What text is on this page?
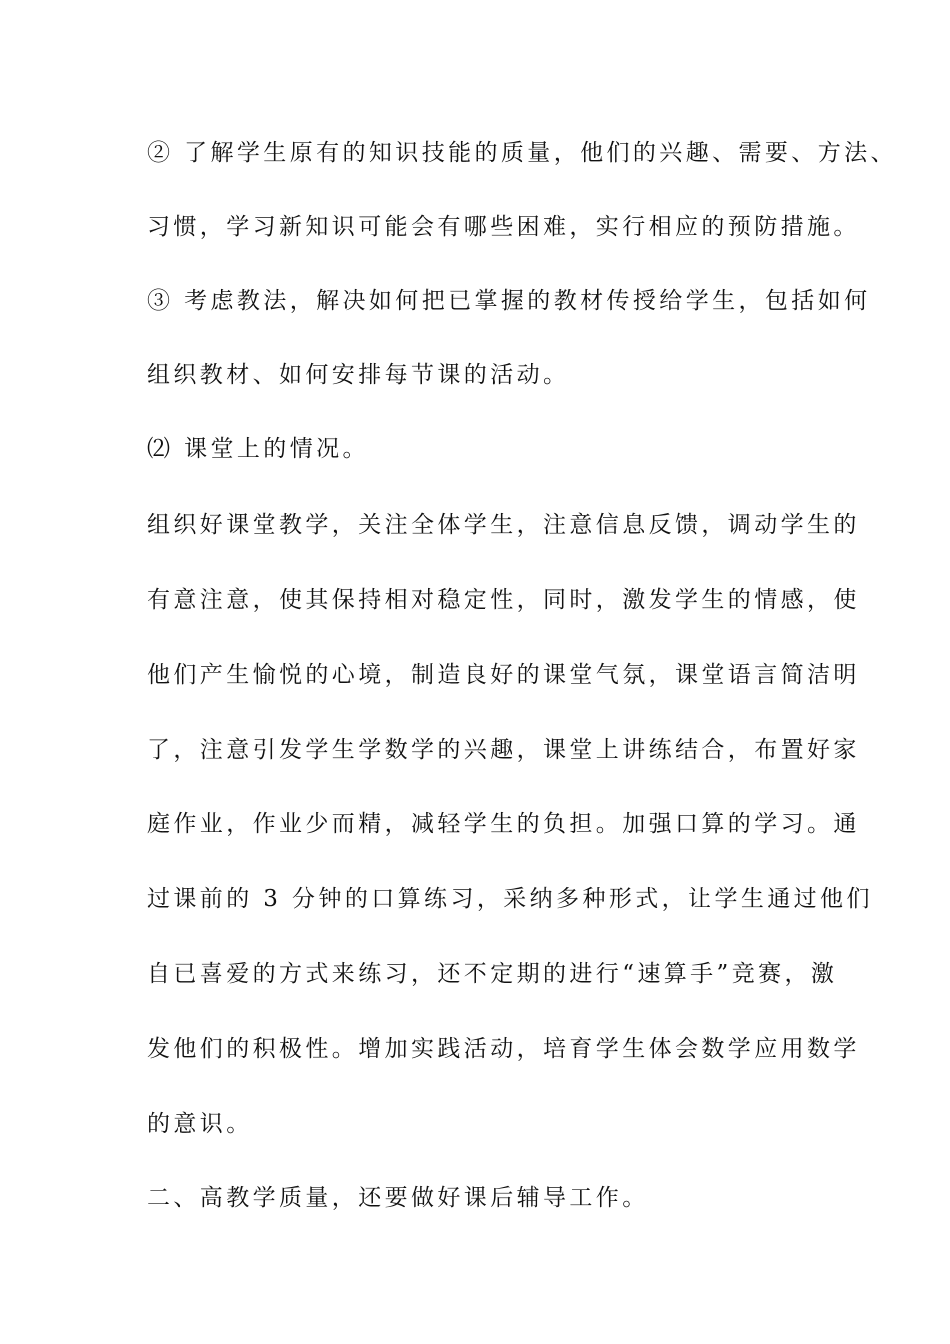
② 了解学生原有的知识技能的质量，他们的兴趣、需要、方法、
习惯，学习新知识可能会有哪些困难，实行相应的预防措施。
③ 考虑教法，解决如何把已掌握的教材传授给学生，包括如何
组织教材、如何安排每节课的活动。
⑵ 课堂上的情况。
组织好课堂教学，关注全体学生，注意信息反馈，调动学生的
有意注意，使其保持相对稳定性，同时，激发学生的情感，使
他们产生愉悦的心境，制造良好的课堂气氛，课堂语言简洁明
了，注意引发学生学数学的兴趣，课堂上讲练结合，布置好家
庭作业，作业少而精，减轻学生的负担。加强口算的学习。通
过课前的 3 分钟的口算练习，采纳多种形式，让学生通过他们
自已喜爱的方式来练习，还不定期的进行“速算手”竞赛，激
发他们的积极性。增加实践活动，培育学生体会数学应用数学
的意识。
二、高教学质量，还要做好课后辅导工作。
